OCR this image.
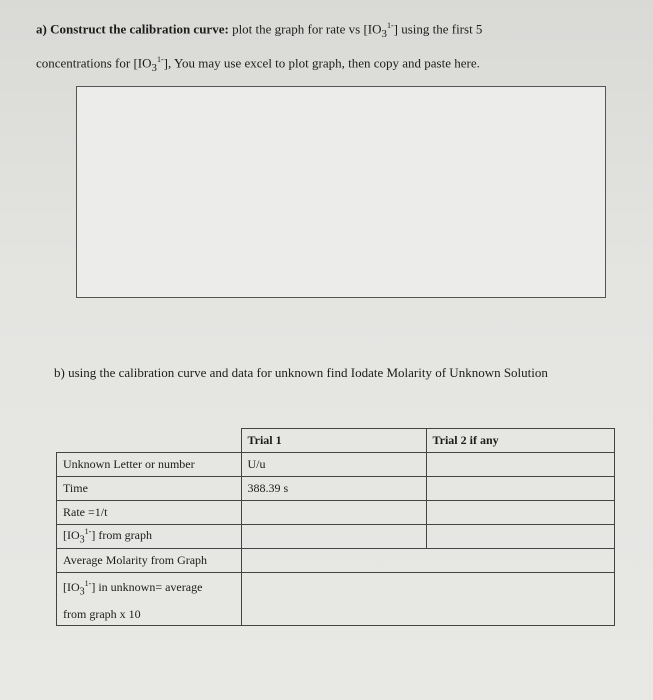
a) Construct the calibration curve: plot the graph for rate vs $[IO_3^{1-}]$ using the first 5
concentrations for $[IO_3^{1-}]$, You may use excel to plot graph, then copy and paste here.
b) using the calibration curve and data for unknown find Iodate Molarity of Unknown Solution
	Trial 1	Trial 2 if any
Unknown Letter or number	U/u	
Time	388.39 s	
Rate =1/t		
$[IO_3^{1-}]$ from graph		
Average Molarity from Graph		

$[IO_3^{1-}]$ in unknown= average
from graph x 10		
